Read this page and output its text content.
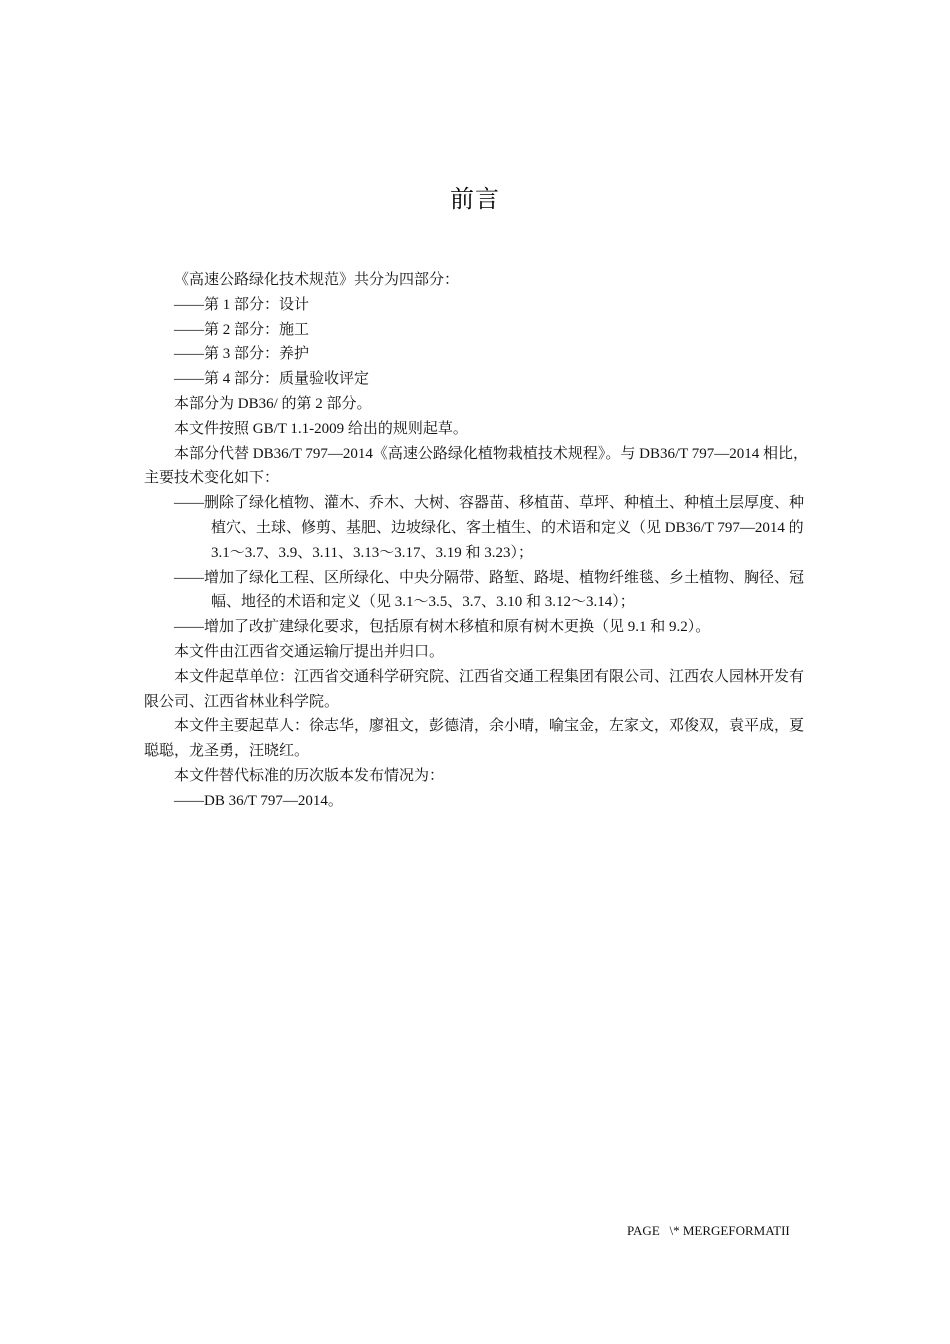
前言

《高速公路绿化技术规范》共分为四部分：

——第 1 部分：设计

——第 2 部分：施工

——第 3 部分：养护

——第 4 部分：质量验收评定

本部分为 DB36/ 的第 2 部分。

本文件按照 GB/T 1.1-2009 给出的规则起草。

本部分代替 DB36/T 797—2014《高速公路绿化植物栽植技术规程》。与 DB36/T 797—2014 相比，主要技术变化如下：

——删除了绿化植物、灌木、乔木、大树、容器苗、移植苗、草坪、种植土、种植土层厚度、种植穴、土球、修剪、基肥、边坡绿化、客土植生、的术语和定义（见 DB36/T 797—2014 的 3.1～3.7、3.9、3.11、3.13～3.17、3.19 和 3.23）；

——增加了绿化工程、区所绿化、中央分隔带、路堑、路堤、植物纤维毯、乡土植物、胸径、冠幅、地径的术语和定义（见 3.1～3.5、3.7、3.10 和 3.12～3.14）；

——增加了改扩建绿化要求，包括原有树木移植和原有树木更换（见 9.1 和 9.2）。

本文件由江西省交通运输厅提出并归口。

本文件起草单位：江西省交通科学研究院、江西省交通工程集团有限公司、江西农人园林开发有限公司、江西省林业科学院。

本文件主要起草人：徐志华，廖祖文，彭德清，余小晴，喻宝金，左家文，邓俊双，袁平成，夏聪聪，龙圣勇，汪晓红。

本文件替代标准的历次版本发布情况为：

——DB 36/T 797—2014。

PAGE   \* MERGEFORMATII
